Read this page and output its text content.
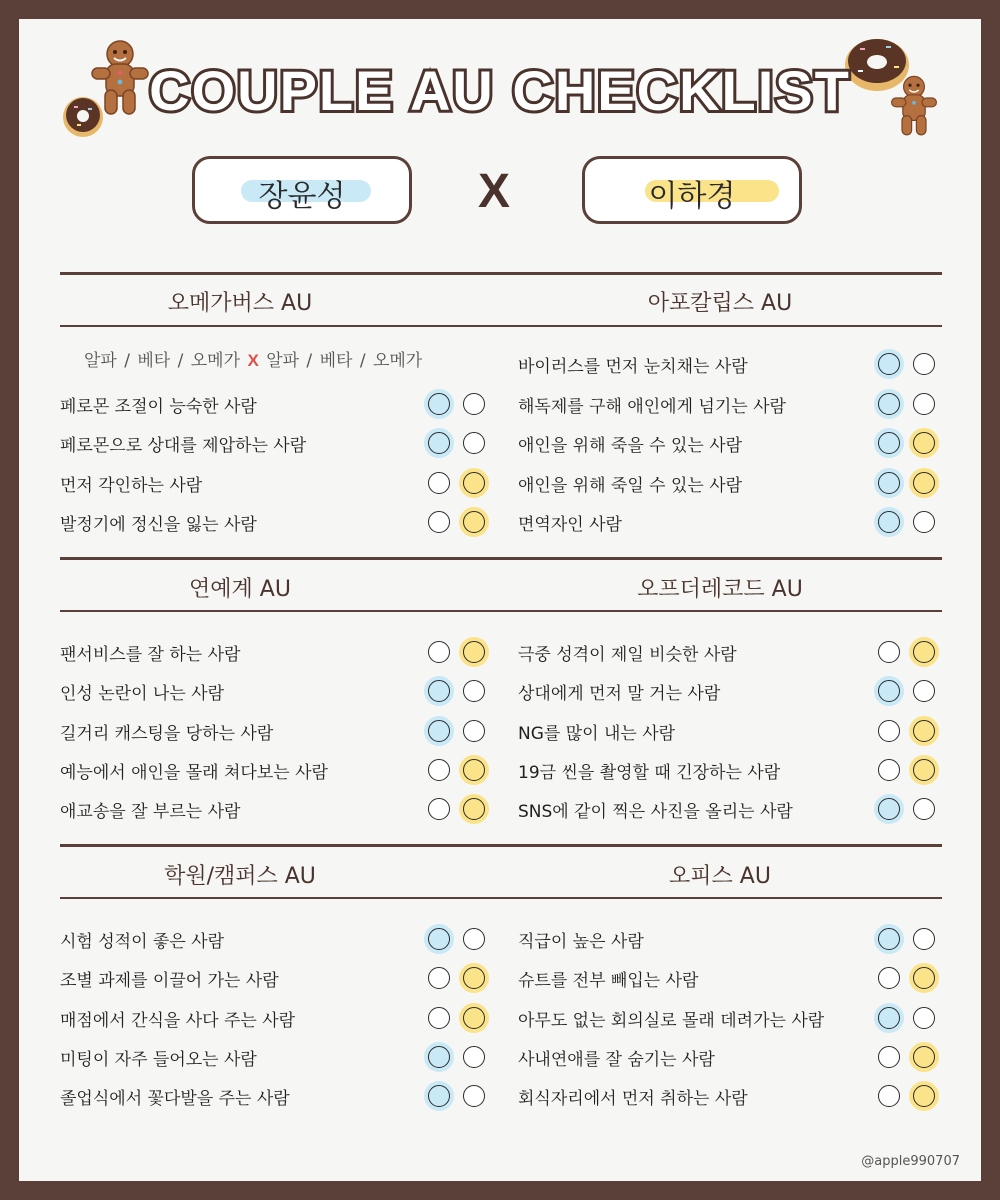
COUPLE AU CHECKLIST
장윤성	X	이하경
알파 / 베타 / 오메가 X 알파 / 베타 / 오메가
오메가버스 AU
페로몬 조절이 능숙한 사람
페로몬으로 상대를 제압하는 사람
먼저 각인하는 사람
발정기에 정신을 잃는 사람
아포칼립스 AU
바이러스를 먼저 눈치채는 사람
해독제를 구해 애인에게 넘기는 사람
애인을 위해 죽을 수 있는 사람
애인을 위해 죽일 수 있는 사람
면역자인 사람
연예계 AU
팬서비스를 잘 하는 사람
인성 논란이 나는 사람
길거리 캐스팅을 당하는 사람
예능에서 애인을 몰래 쳐다보는 사람
애교송을 잘 부르는 사람
오프더레코드 AU
극중 성격이 제일 비슷한 사람
상대에게 먼저 말 거는 사람
NG를 많이 내는 사람
19금 씬을 촬영할 때 긴장하는 사람
SNS에 같이 찍은 사진을 올리는 사람
학원/캠퍼스 AU
시험 성적이 좋은 사람
조별 과제를 이끌어 가는 사람
매점에서 간식을 사다 주는 사람
미팅이 자주 들어오는 사람
졸업식에서 꽃다발을 주는 사람
오피스 AU
직급이 높은 사람
슈트를 전부 빼입는 사람
아무도 없는 회의실로 몰래 데려가는 사람
사내연애를 잘 숨기는 사람
회식자리에서 먼저 취하는 사람
@apple990707
